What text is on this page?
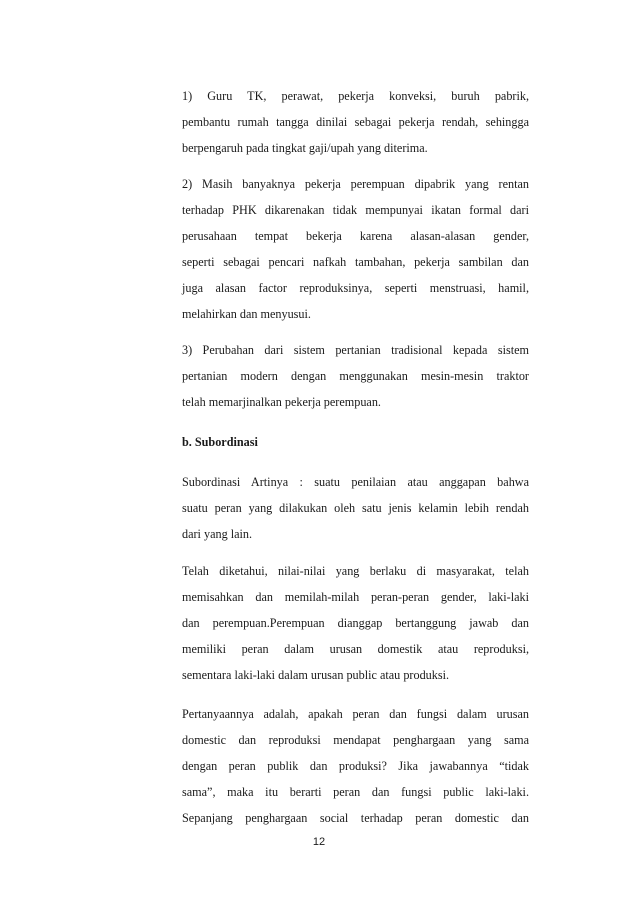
1) Guru TK, perawat, pekerja konveksi, buruh pabrik,
pembantu rumah tangga dinilai sebagai pekerja rendah, sehingga
berpengaruh pada tingkat gaji/upah yang diterima.
2) Masih banyaknya pekerja perempuan dipabrik yang rentan
terhadap PHK dikarenakan tidak mempunyai ikatan formal dari
perusahaan tempat bekerja karena alasan-alasan gender,
seperti sebagai pencari nafkah tambahan, pekerja sambilan dan
juga alasan factor reproduksinya, seperti menstruasi, hamil,
melahirkan dan menyusui.
3) Perubahan dari sistem pertanian tradisional kepada sistem
pertanian modern dengan menggunakan mesin-mesin traktor
telah memarjinalkan pekerja perempuan.
b. Subordinasi
Subordinasi Artinya : suatu penilaian atau anggapan bahwa
suatu peran yang dilakukan oleh satu jenis kelamin lebih rendah
dari yang lain.
Telah diketahui, nilai-nilai yang berlaku di masyarakat, telah
memisahkan dan memilah-milah peran-peran gender, laki-laki
dan perempuan.Perempuan dianggap bertanggung jawab dan
memiliki peran dalam urusan domestik atau reproduksi,
sementara laki-laki dalam urusan public atau produksi.
Pertanyaannya adalah, apakah peran dan fungsi dalam urusan
domestic dan reproduksi mendapat penghargaan yang sama
dengan peran publik dan produksi? Jika jawabannya “tidak
sama”, maka itu berarti peran dan fungsi public laki-laki.
Sepanjang penghargaan social terhadap peran domestic dan
12
